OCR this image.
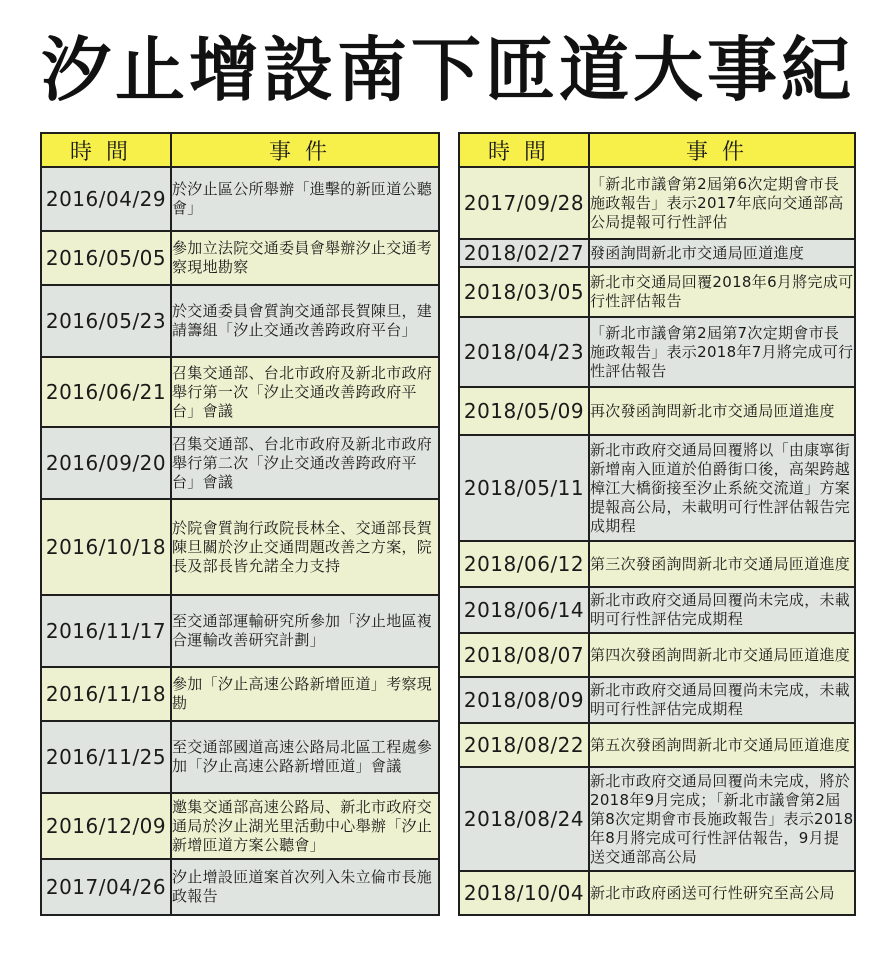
汐止增設南下匝道大事紀
時間	事件
2016/04/29	於汐止區公所舉辦「進擊的新匝道公聽會」
2016/05/05	參加立法院交通委員會舉辦汐止交通考察現地勘察
2016/05/23	於交通委員會質詢交通部長賀陳旦，建請籌組「汐止交通改善跨政府平台」
2016/06/21	召集交通部、台北市政府及新北市政府舉行第一次「汐止交通改善跨政府平台」會議
2016/09/20	召集交通部、台北市政府及新北市政府舉行第二次「汐止交通改善跨政府平台」會議
2016/10/18	於院會質詢行政院長林全、交通部長賀陳旦關於汐止交通問題改善之方案，院長及部長皆允諾全力支持
2016/11/17	至交通部運輸研究所參加「汐止地區複合運輸改善研究計劃」
2016/11/18	參加「汐止高速公路新增匝道」考察現勘
2016/11/25	至交通部國道高速公路局北區工程處參加「汐止高速公路新增匝道」會議
2016/12/09	邀集交通部高速公路局、新北市政府交通局於汐止湖光里活動中心舉辦「汐止新增匝道方案公聽會」
2017/04/26	汐止增設匝道案首次列入朱立倫市長施政報告
時間	事件
2017/09/28	「新北市議會第2屆第6次定期會市長施政報告」表示2017年底向交通部高公局提報可行性評估
2018/02/27	發函詢問新北市交通局匝道進度
2018/03/05	新北市交通局回覆2018年6月將完成可行性評估報告
2018/04/23	「新北市議會第2屆第7次定期會市長施政報告」表示2018年7月將完成可行性評估報告
2018/05/09	再次發函詢問新北市交通局匝道進度
2018/05/11	新北市政府交通局回覆將以「由康寧街新增南入匝道於伯爵街口後，高架跨越樟江大橋銜接至汐止系統交流道」方案提報高公局，未載明可行性評估報告完成期程
2018/06/12	第三次發函詢問新北市交通局匝道進度
2018/06/14	新北市政府交通局回覆尚未完成，未載明可行性評估完成期程
2018/08/07	第四次發函詢問新北市交通局匝道進度
2018/08/09	新北市政府交通局回覆尚未完成，未載明可行性評估完成期程
2018/08/22	第五次發函詢問新北市交通局匝道進度
2018/08/24	新北市政府交通局回覆尚未完成，將於2018年9月完成；「新北市議會第2屆第8次定期會市長施政報告」表示2018年8月將完成可行性評估報告，9月提送交通部高公局
2018/10/04	新北市政府函送可行性研究至高公局
